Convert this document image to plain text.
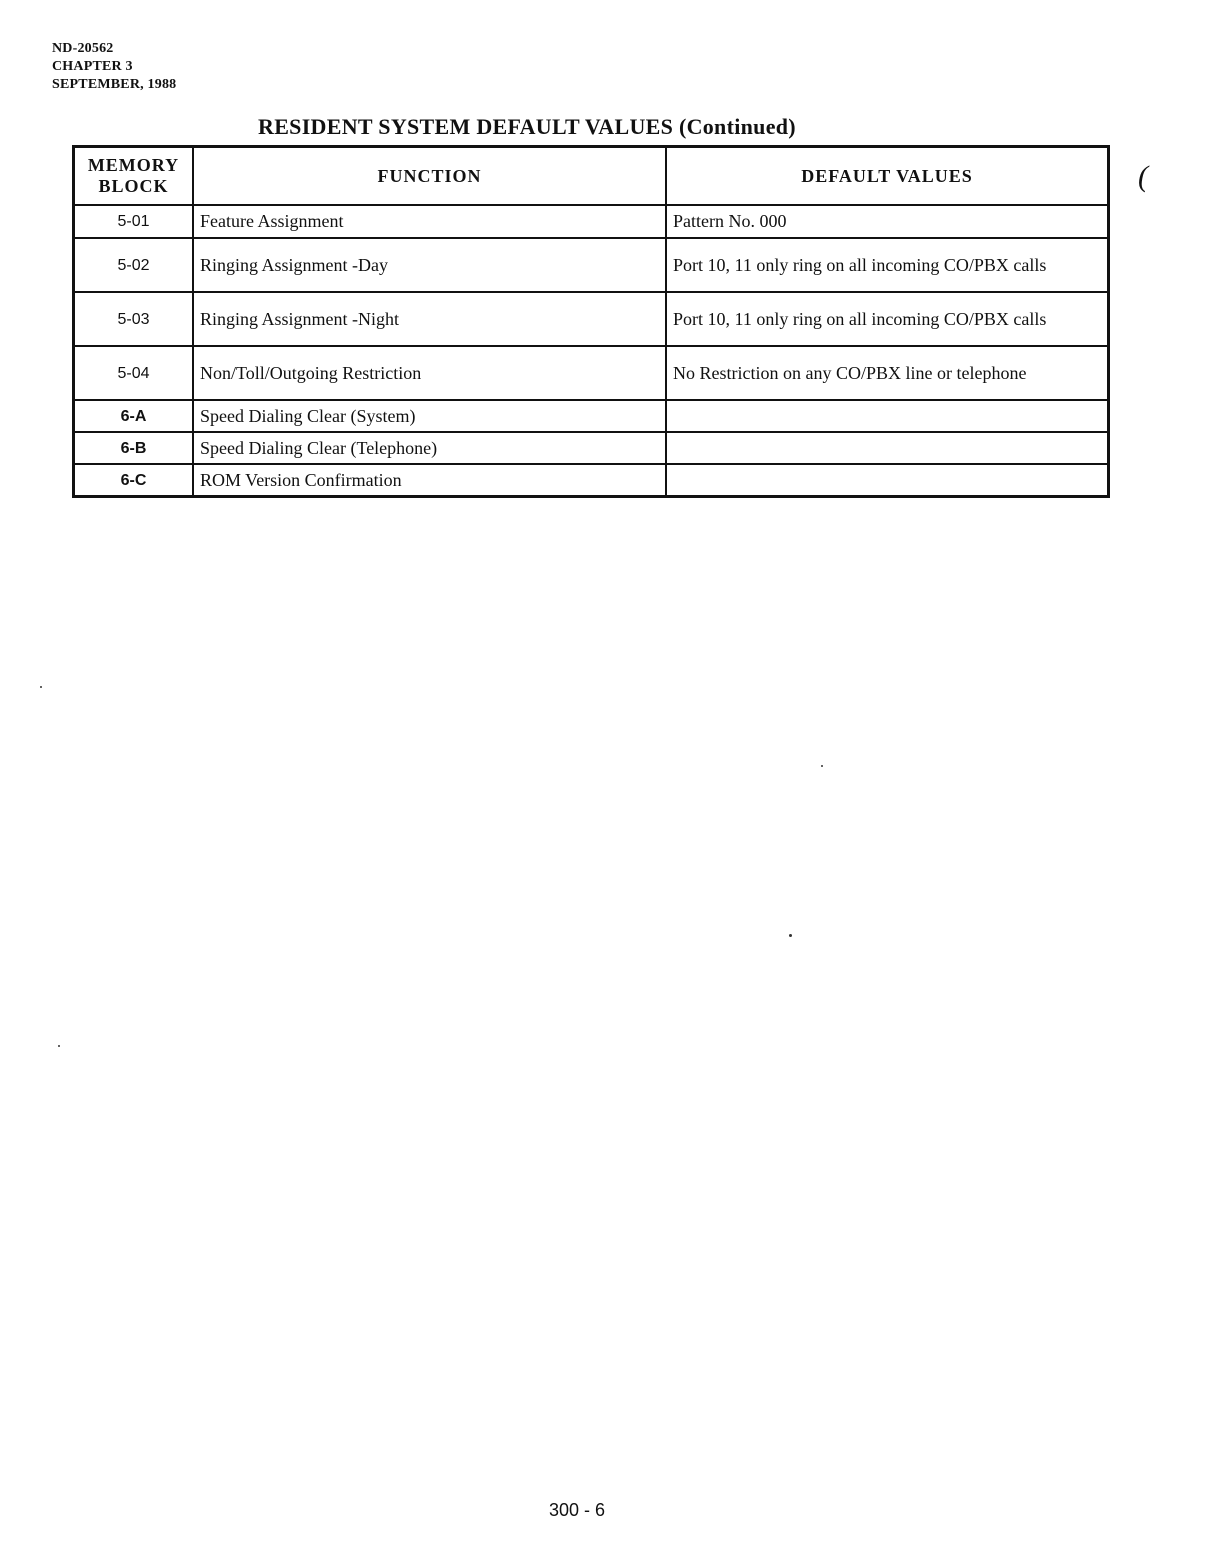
ND-20562
CHAPTER 3
SEPTEMBER, 1988
RESIDENT SYSTEM DEFAULT VALUES (Continued)
(
MEMORY
BLOCK	FUNCTION	DEFAULT VALUES
5-01	Feature Assignment	Pattern No. 000
5-02	Ringing Assignment -Day	Port 10, 11 only ring on all incoming CO/PBX calls
5-03	Ringing Assignment -Night	Port 10, 11 only ring on all incoming CO/PBX calls
5-04	Non/Toll/Outgoing Restriction	No Restriction on any CO/PBX line or telephone
6-A	Speed Dialing Clear (System)	
6-B	Speed Dialing Clear (Telephone)	
6-C	ROM Version Confirmation	
300 - 6
